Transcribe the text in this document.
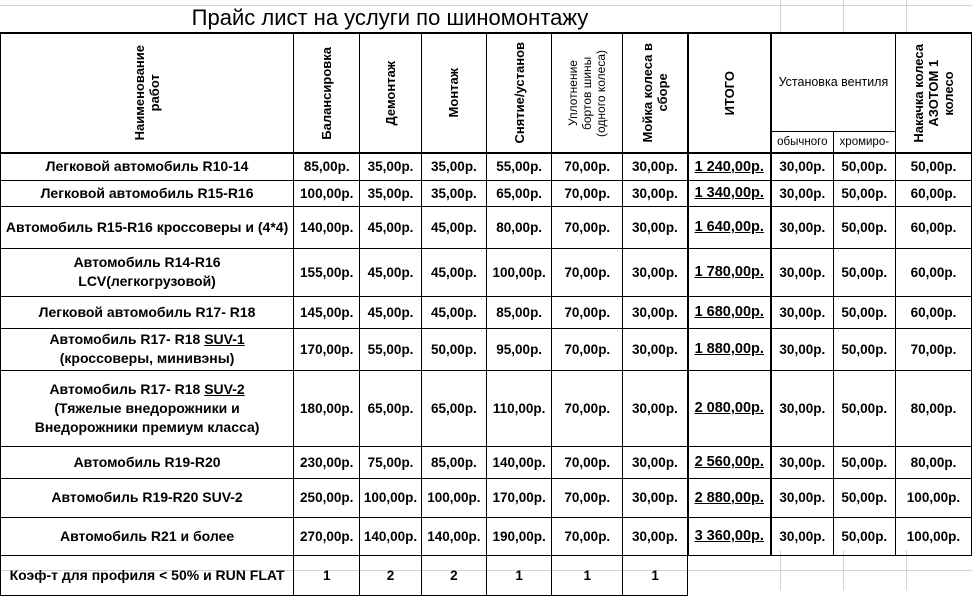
Прайс лист на услуги по шиномонтажу
Наименование
работ	Балансировка	Демонтаж	Монтаж	Снятие/установ	Уплотнение
бортов шины
(одного колеса)	Мойка колеса в
сборе	ИТОГО	Установка вентиля		Накачка колеса
АЗОТОМ 1
колесо

								обычного	хромиро-	
Легковой автомобиль R10-14	85,00р.	35,00р.	35,00р.	55,00р.	70,00р.	30,00р.	1 240,00р.	30,00р.	50,00р.	50,00р.
Легковой автомобиль R15-R16	100,00р.	35,00р.	35,00р.	65,00р.	70,00р.	30,00р.	1 340,00р.	30,00р.	50,00р.	60,00р.
Автомобиль R15-R16 кроссоверы и (4*4)	140,00р.	45,00р.	45,00р.	80,00р.	70,00р.	30,00р.	1 640,00р.	30,00р.	50,00р.	60,00р.
Автомобиль R14-R16 LCV(легкогрузовой)	155,00р.	45,00р.	45,00р.	100,00р.	70,00р.	30,00р.	1 780,00р.	30,00р.	50,00р.	60,00р.
Легковой автомобиль R17- R18	145,00р.	45,00р.	45,00р.	85,00р.	70,00р.	30,00р.	1 680,00р.	30,00р.	50,00р.	60,00р.
Автомобиль R17- R18 SUV-1
(кроссоверы, минивэны)	170,00р.	55,00р.	50,00р.	95,00р.	70,00р.	30,00р.	1 880,00р.	30,00р.	50,00р.	70,00р.
Автомобиль R17- R18 SUV-2
(Тяжелые внедорожники и Внедорожники премиум класса)	180,00р.	65,00р.	65,00р.	110,00р.	70,00р.	30,00р.	2 080,00р.	30,00р.	50,00р.	80,00р.
Автомобиль R19-R20	230,00р.	75,00р.	85,00р.	140,00р.	70,00р.	30,00р.	2 560,00р.	30,00р.	50,00р.	80,00р.
Автомобиль R19-R20 SUV-2	250,00р.	100,00р.	100,00р.	170,00р.	70,00р.	30,00р.	2 880,00р.	30,00р.	50,00р.	100,00р.
Автомобиль R21 и более	270,00р.	140,00р.	140,00р.	190,00р.	70,00р.	30,00р.	3 360,00р.	30,00р.	50,00р.	100,00р.
Коэф-т для профиля < 50% и RUN FLAT	1	2	2	1	1	1				
